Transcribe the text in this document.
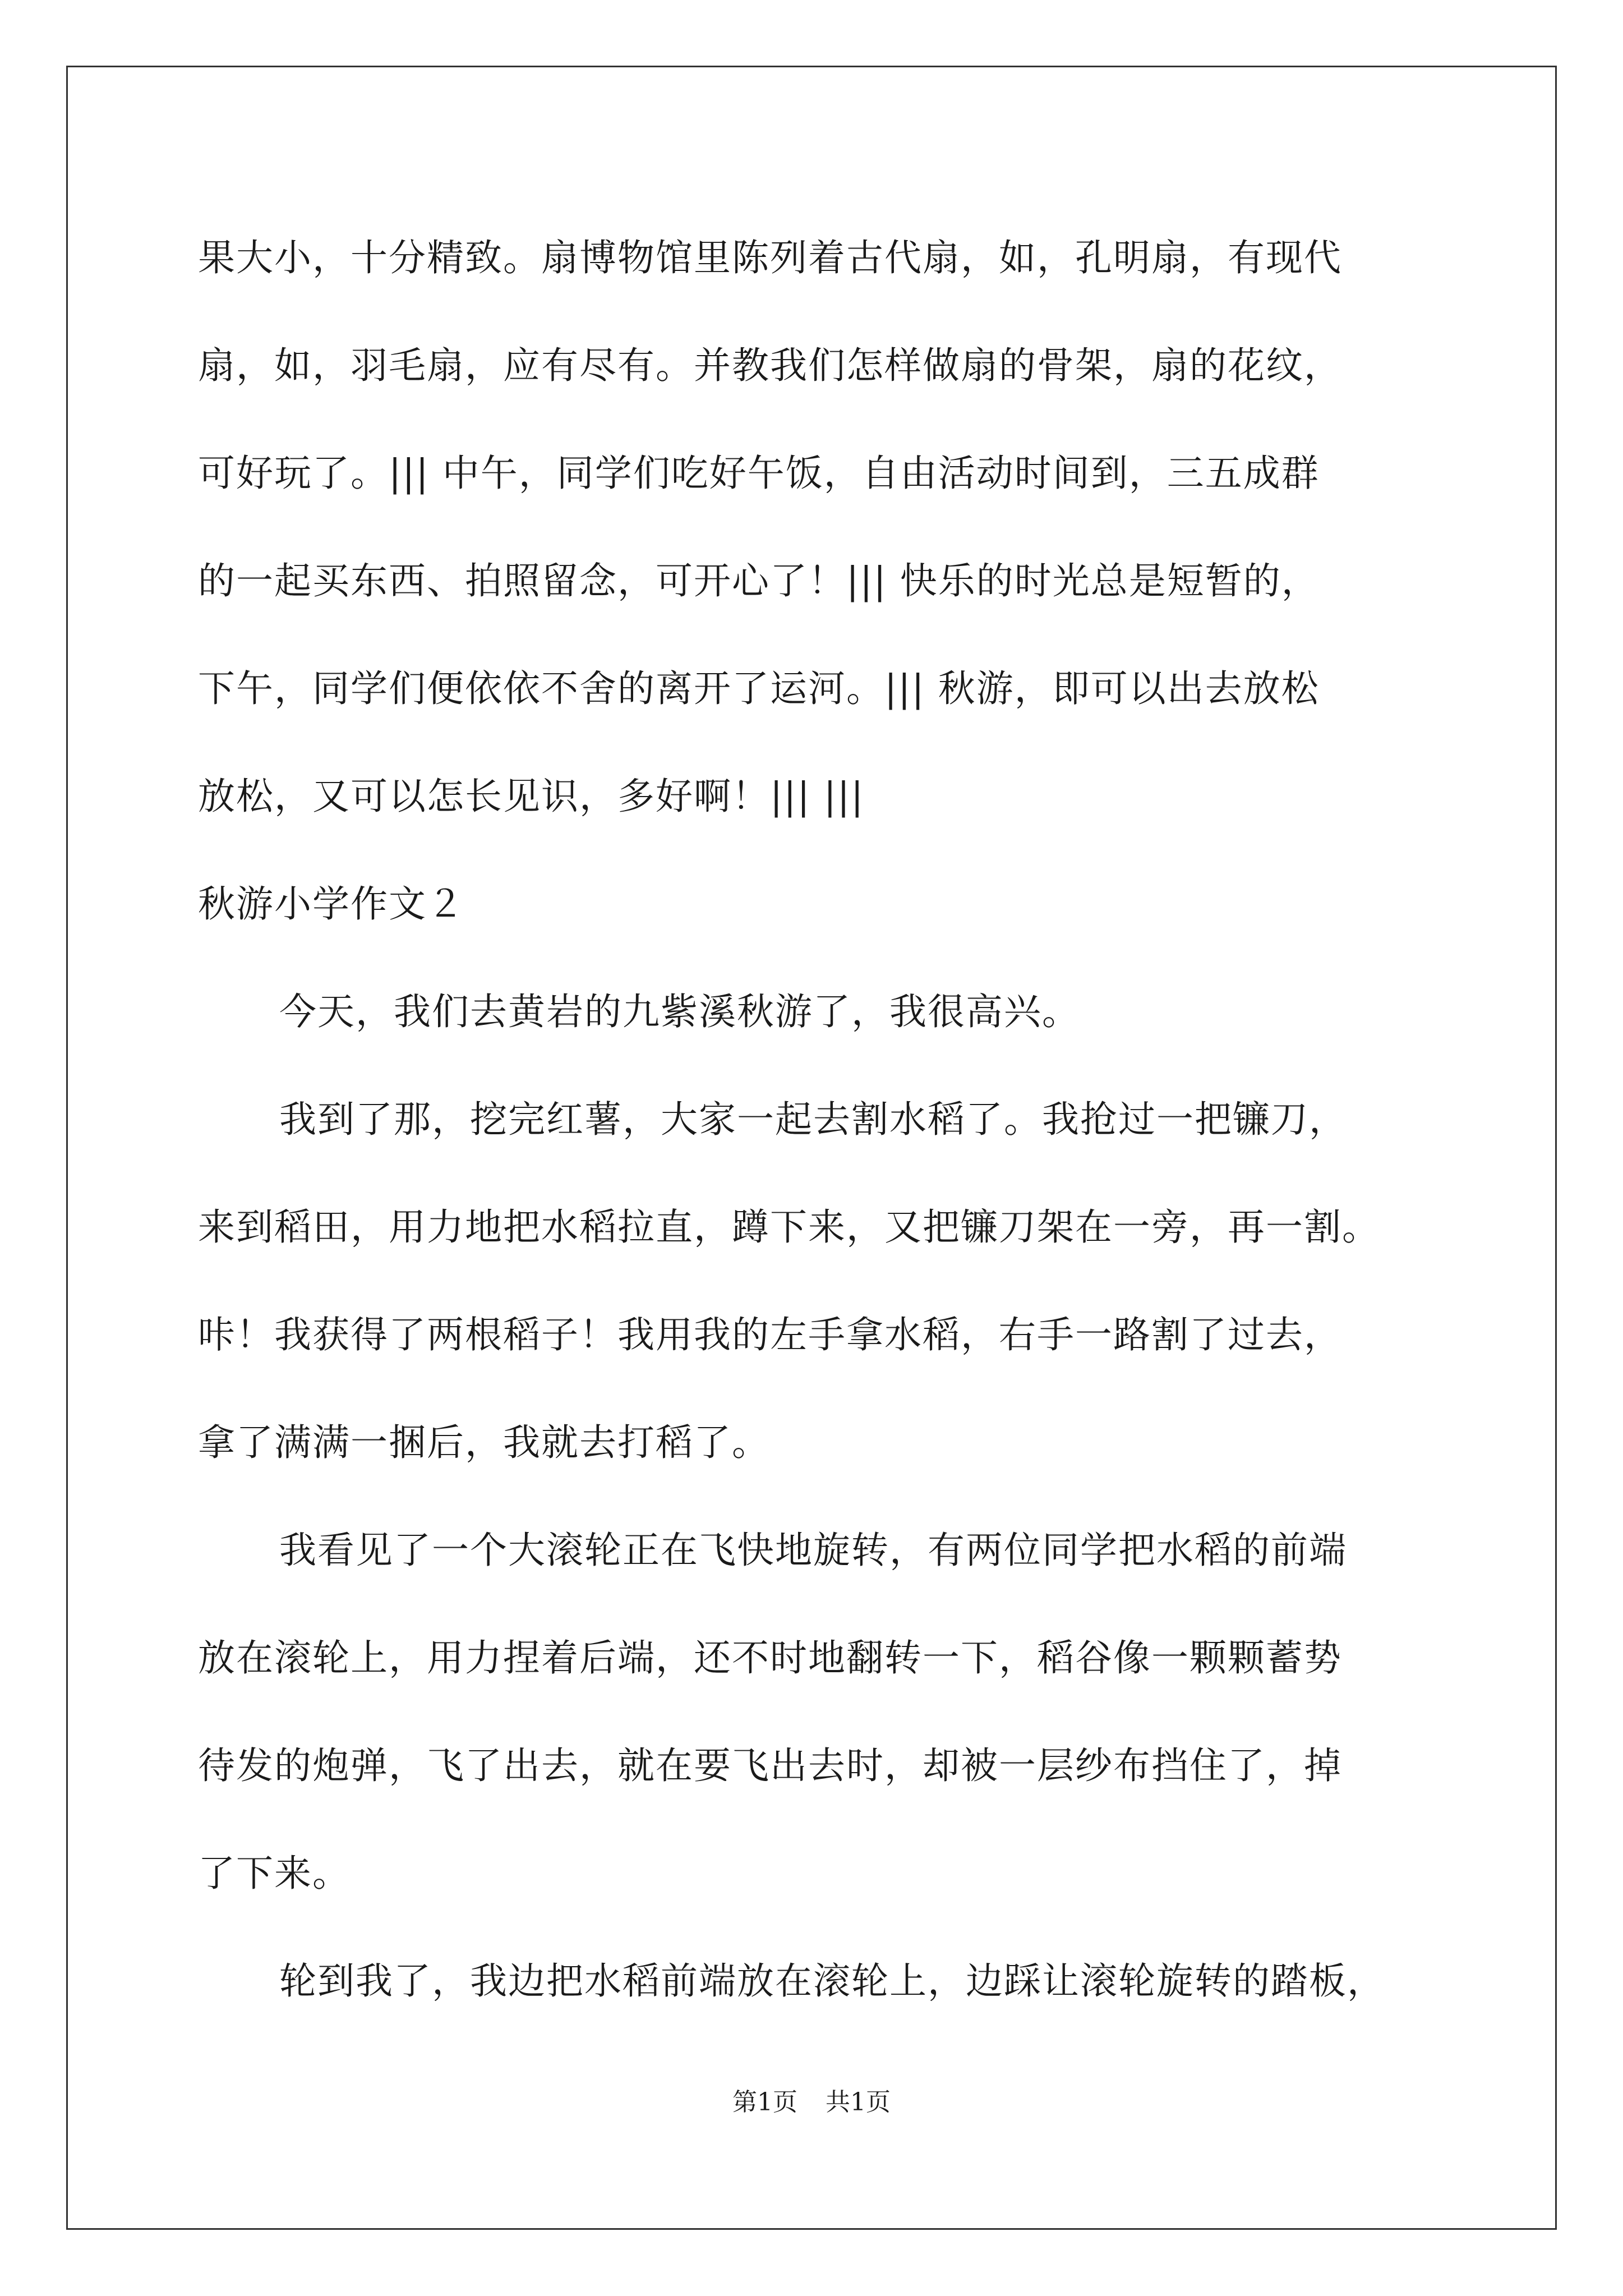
果大小，十分精致。扇博物馆里陈列着古代扇，如，孔明扇，有现代
扇，如，羽毛扇，应有尽有。并教我们怎样做扇的骨架，扇的花纹，
可好玩了。||| 中午，同学们吃好午饭，自由活动时间到，三五成群
的一起买东西、拍照留念，可开心了！||| 快乐的时光总是短暂的，
下午，同学们便依依不舍的离开了运河。||| 秋游，即可以出去放松
放松，又可以怎长见识，多好啊！||| |||
秋游小学作文２
今天，我们去黄岩的九紫溪秋游了，我很高兴。
我到了那，挖完红薯，大家一起去割水稻了。我抢过一把镰刀，
来到稻田，用力地把水稻拉直，蹲下来，又把镰刀架在一旁，再一割。
咔！我获得了两根稻子！我用我的左手拿水稻，右手一路割了过去，
拿了满满一捆后，我就去打稻了。
我看见了一个大滚轮正在飞快地旋转，有两位同学把水稻的前端
放在滚轮上，用力捏着后端，还不时地翻转一下，稻谷像一颗颗蓄势
待发的炮弹，飞了出去，就在要飞出去时，却被一层纱布挡住了，掉
了下来。
轮到我了，我边把水稻前端放在滚轮上，边踩让滚轮旋转的踏板，
第1页 共1页
